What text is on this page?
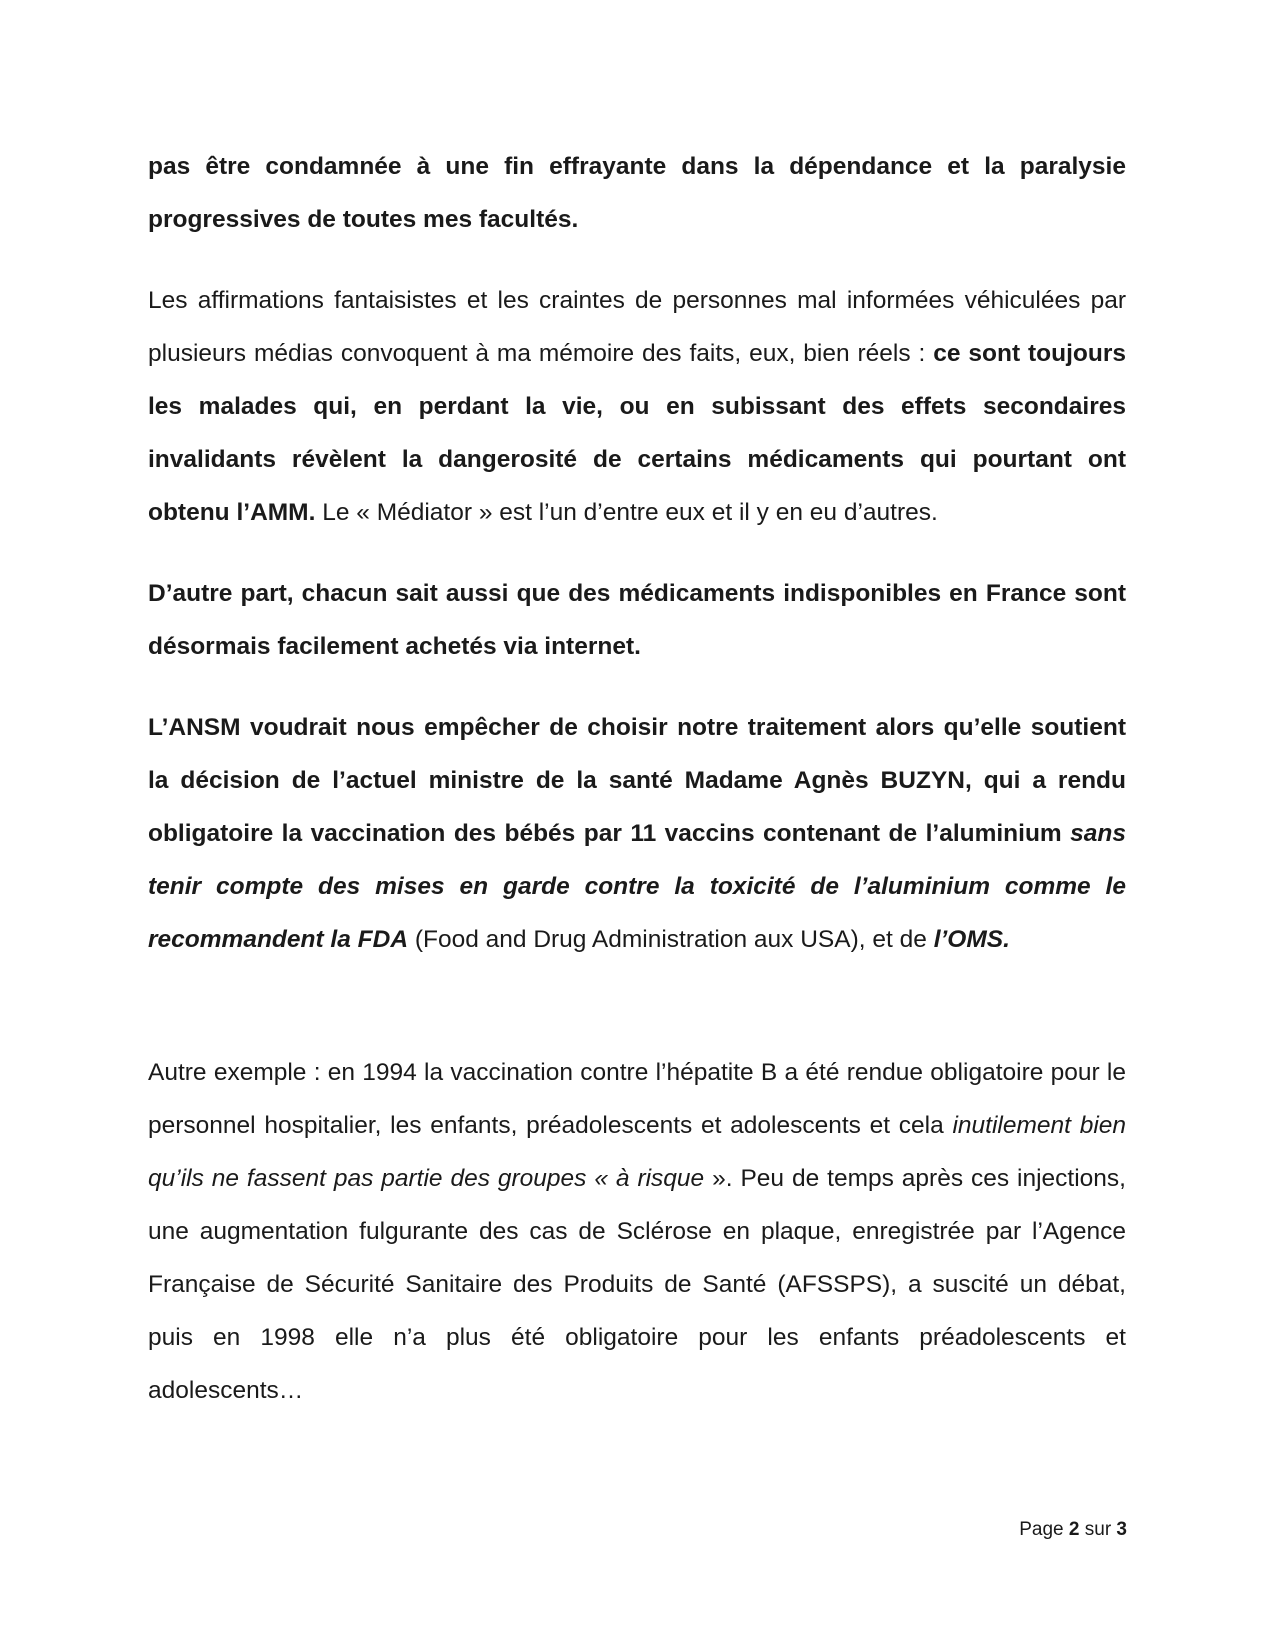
pas être condamnée à une fin effrayante dans la dépendance et la paralysie progressives de toutes mes facultés.

Les affirmations fantaisistes et les craintes de personnes mal informées véhiculées par plusieurs médias convoquent à ma mémoire des faits, eux, bien réels : ce sont toujours les malades qui, en perdant la vie, ou en subissant des effets secondaires invalidants révèlent la dangerosité de certains médicaments qui pourtant ont obtenu l’AMM. Le « Médiator » est l’un d’entre eux et il y en eu d’autres.

D’autre part, chacun sait aussi que des médicaments indisponibles en France sont désormais facilement achetés via internet.

L’ANSM voudrait nous empêcher de choisir notre traitement alors qu’elle soutient la décision de l’actuel ministre de la santé Madame Agnès BUZYN, qui a rendu obligatoire la vaccination des bébés par 11 vaccins contenant de l’aluminium sans tenir compte des mises en garde contre la toxicité de l’aluminium comme le recommandent la FDA (Food and Drug Administration aux USA), et de l’OMS.

Autre exemple : en 1994 la vaccination contre l’hépatite B a été rendue obligatoire pour le personnel hospitalier, les enfants, préadolescents et adolescents et cela inutilement bien qu’ils ne fassent pas partie des groupes « à risque ». Peu de temps après ces injections, une augmentation fulgurante des cas de Sclérose en plaque, enregistrée par l’Agence Française de Sécurité Sanitaire des Produits de Santé (AFSSPS), a suscité un débat, puis en 1998 elle n’a plus été obligatoire pour les enfants préadolescents et adolescents…

Page 2 sur 3
